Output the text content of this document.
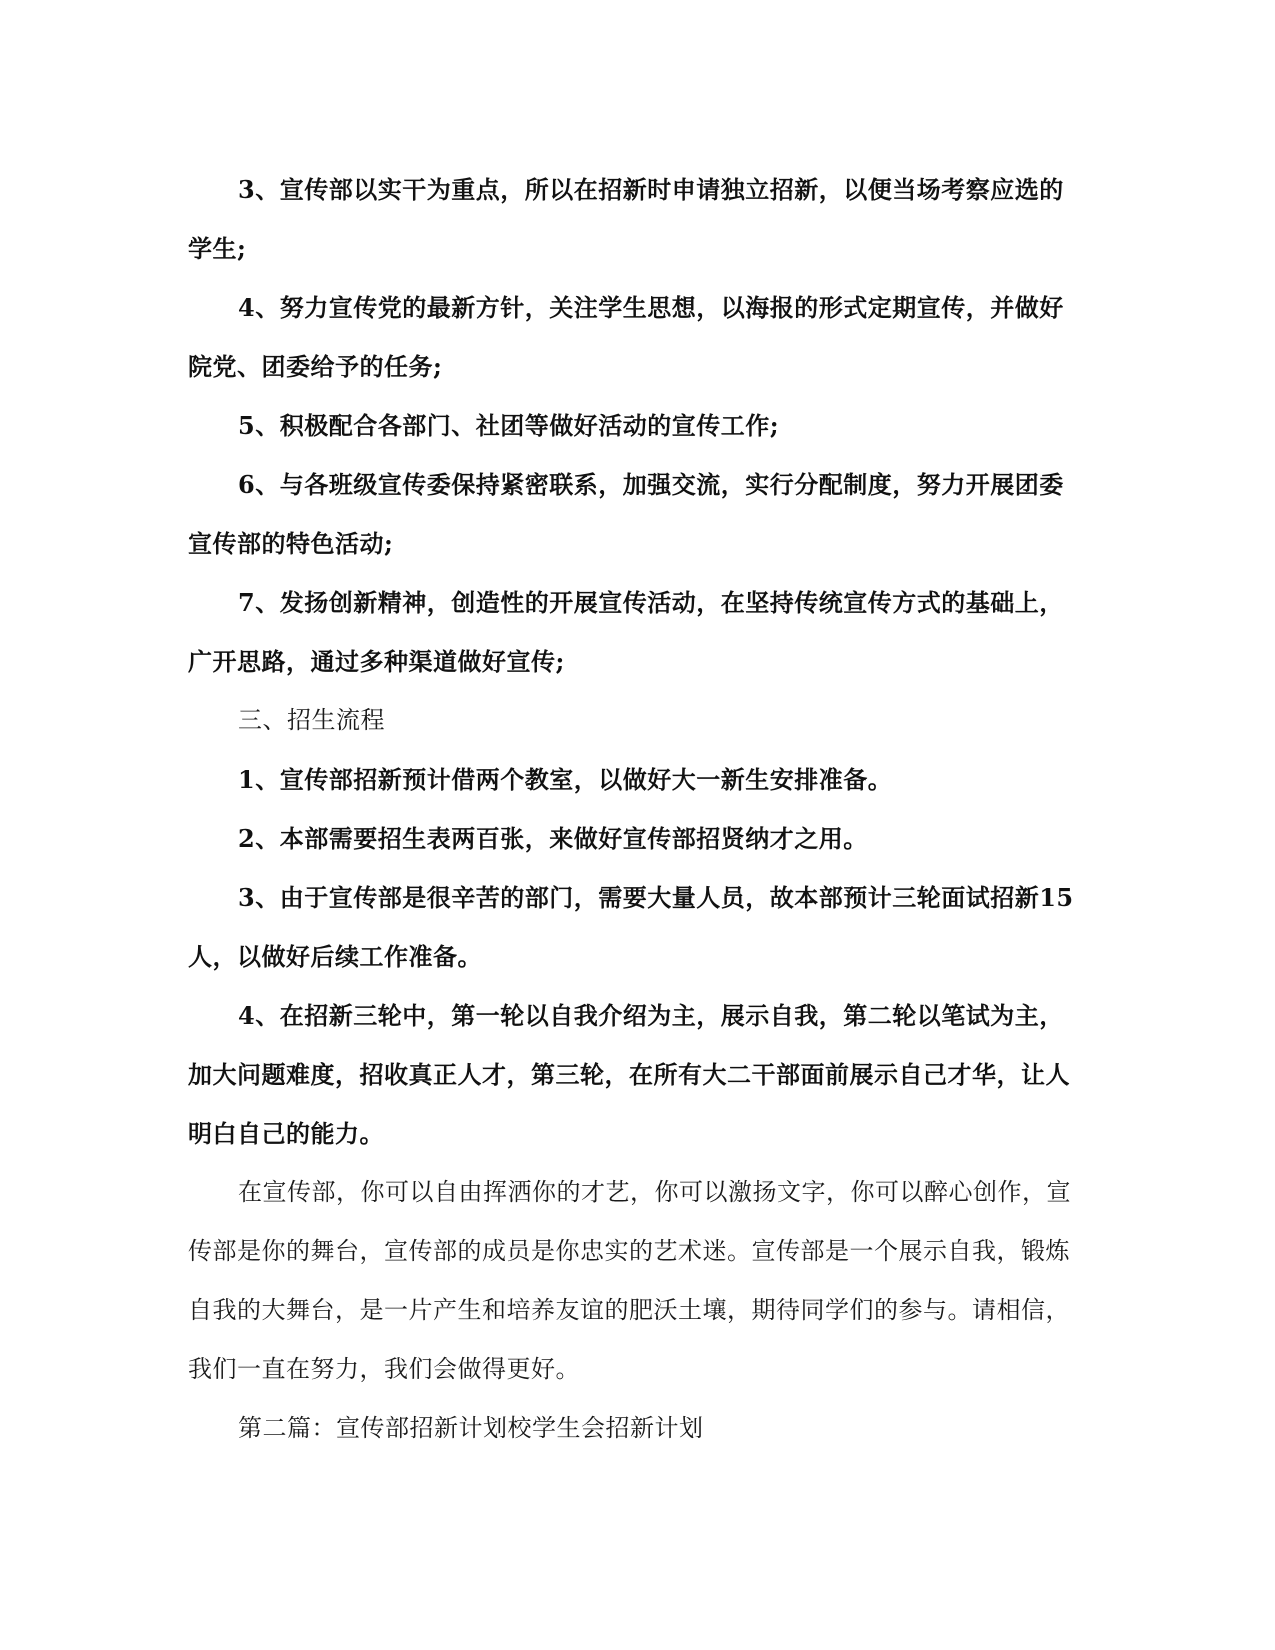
3、宣传部以实干为重点，所以在招新时申请独立招新，以便当场考察应选的学生;

4、努力宣传党的最新方针，关注学生思想，以海报的形式定期宣传，并做好院党、团委给予的任务;

5、积极配合各部门、社团等做好活动的宣传工作;

6、与各班级宣传委保持紧密联系，加强交流，实行分配制度，努力开展团委宣传部的特色活动;

7、发扬创新精神，创造性的开展宣传活动，在坚持传统宣传方式的基础上，广开思路，通过多种渠道做好宣传;

三、招生流程

1、宣传部招新预计借两个教室，以做好大一新生安排准备。

2、本部需要招生表两百张，来做好宣传部招贤纳才之用。

3、由于宣传部是很辛苦的部门，需要大量人员，故本部预计三轮面试招新15人，以做好后续工作准备。

4、在招新三轮中，第一轮以自我介绍为主，展示自我，第二轮以笔试为主，加大问题难度，招收真正人才，第三轮，在所有大二干部面前展示自己才华，让人明白自己的能力。

在宣传部，你可以自由挥洒你的才艺，你可以激扬文字，你可以醉心创作，宣传部是你的舞台，宣传部的成员是你忠实的艺术迷。宣传部是一个展示自我，锻炼自我的大舞台，是一片产生和培养友谊的肥沃土壤，期待同学们的参与。请相信，我们一直在努力，我们会做得更好。

第二篇：宣传部招新计划校学生会招新计划
